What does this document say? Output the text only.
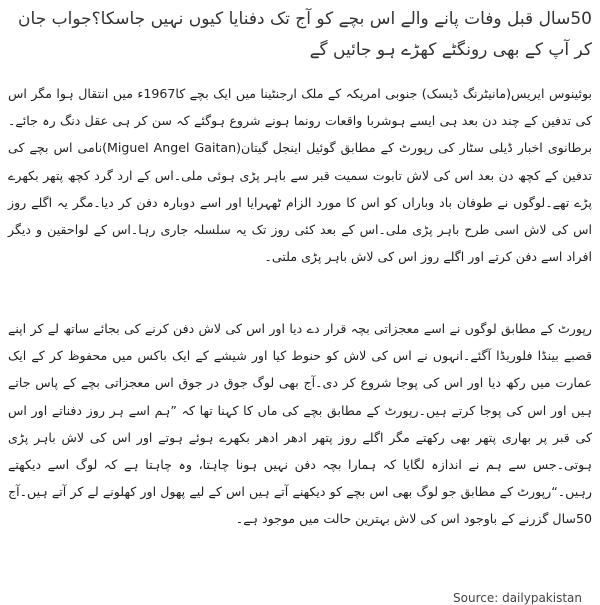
50سال قبل وفات پانے والے اس بچے کو آج تک دفنایا کیوں نہیں جاسکا؟جواب جان کر آپ کے بھی رونگٹے کھڑے ہو جائیں گے

بوئینوس ایریس(مانیٹرنگ ڈیسک) جنوبی امریکہ کے ملک ارجنٹینا میں ایک بچے کا1967ء میں انتقال ہوا مگر اس کی تدفین کے چند دن بعد ہی ایسے ہوشربا واقعات رونما ہونے شروع ہوگئے کہ سن کر ہی عقل دنگ رہ جائے۔برطانوی اخبار ڈیلی سٹار کی رپورٹ کے مطابق گوئیل اینجل گیتان(Miguel Angel Gaitan)نامی اس بچے کی تدفین کے کچھ دن بعد اس کی لاش تابوت سمیت قبر سے باہر پڑی ہوئی ملی۔اس کے ارد گرد کچھ پتھر بکھرے پڑے تھے۔لوگوں نے طوفان باد وباراں کو اس کا مورد الزام ٹھہرایا اور اسے دوبارہ دفن کر دیا۔مگر یہ اگلے روز اس کی لاش اسی طرح باہر پڑی ملی۔اس کے بعد کئی روز تک یہ سلسلہ جاری رہا۔اس کے لواحقین و دیگر افراد اسے دفن کرتے اور اگلے روز اس کی لاش باہر پڑی ملتی۔

رپورٹ کے مطابق لوگوں نے اسے معجزاتی بچہ قرار دے دیا اور اس کی لاش دفن کرنے کی بجائے ساتھ لے کر اپنے قصبے بینڈا فلوریڈا آگئے۔انہوں نے اس کی لاش کو حنوط کیا اور شیشے کے ایک باکس میں محفوظ کر کے ایک عمارت میں رکھ دیا اور اس کی پوجا شروع کر دی۔آج بھی لوگ جوق در جوق اس معجزاتی بچے کے پاس جاتے ہیں اور اس کی پوجا کرتے ہیں۔رپورٹ کے مطابق بچے کی ماں کا کہنا تھا کہ ”ہم اسے ہر روز دفناتے اور اس کی قبر پر بھاری پتھر بھی رکھتے مگر اگلے روز پتھر ادھر ادھر بکھرے ہوئے ہوتے اور اس کی لاش باہر پڑی ہوتی۔جس سے ہم نے اندازہ لگایا کہ ہمارا بچہ دفن نہیں ہونا چاہتا، وہ چاہتا ہے کہ لوگ اسے دیکھتے رہیں۔“رپورٹ کے مطابق جو لوگ بھی اس بچے کو دیکھنے آتے ہیں اس کے لیے پھول اور کھلونے لے کر آتے ہیں۔آج 50سال گزرنے کے باوجود اس کی لاش بہترین حالت میں موجود ہے۔

Source: dailypakistan
